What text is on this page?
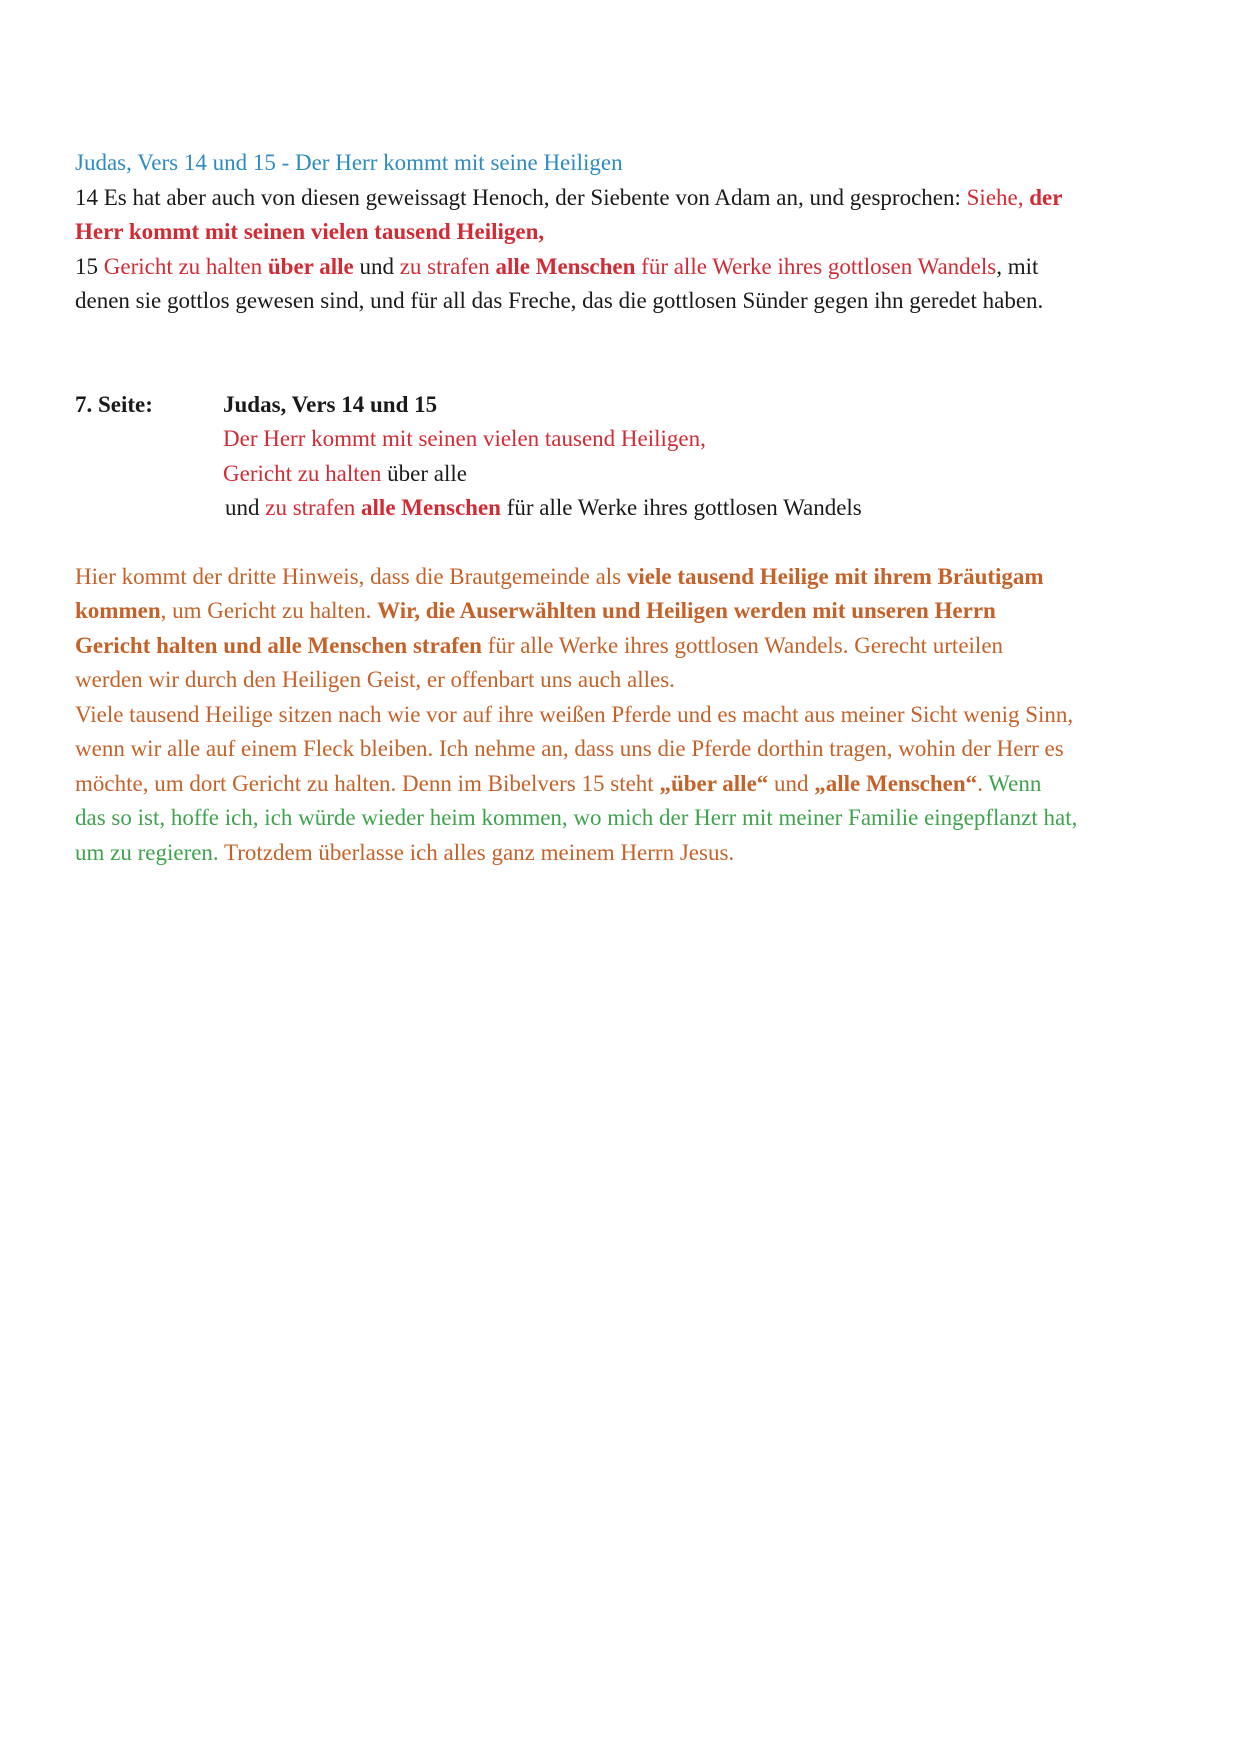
Judas, Vers 14 und 15 - Der Herr kommt mit seine Heiligen

14 Es hat aber auch von diesen geweissagt Henoch, der Siebente von Adam an, und gesprochen: Siehe, der
Herr kommt mit seinen vielen tausend Heiligen,

15 Gericht zu halten über alle und zu strafen alle Menschen für alle Werke ihres gottlosen Wandels, mit
denen sie gottlos gewesen sind, und für all das Freche, das die gottlosen Sünder gegen ihn geredet haben.

7. Seite:	Judas, Vers 14 und 15
Der Herr kommt mit seinen vielen tausend Heiligen,
Gericht zu halten über alle
und zu strafen alle Menschen für alle Werke ihres gottlosen Wandels

Hier kommt der dritte Hinweis, dass die Brautgemeinde als viele tausend Heilige mit ihrem Bräutigam
kommen, um Gericht zu halten. Wir, die Auserwählten und Heiligen werden mit unseren Herrn
Gericht halten und alle Menschen strafen für alle Werke ihres gottlosen Wandels. Gerecht urteilen
werden wir durch den Heiligen Geist, er offenbart uns auch alles.

Viele tausend Heilige sitzen nach wie vor auf ihre weißen Pferde und es macht aus meiner Sicht wenig Sinn,
wenn wir alle auf einem Fleck bleiben. Ich nehme an, dass uns die Pferde dorthin tragen, wohin der Herr es
möchte, um dort Gericht zu halten. Denn im Bibelvers 15 steht „über alle“ und „alle Menschen“. Wenn
das so ist, hoffe ich, ich würde wieder heim kommen, wo mich der Herr mit meiner Familie eingepflanzt hat,
um zu regieren. Trotzdem überlasse ich alles ganz meinem Herrn Jesus.
